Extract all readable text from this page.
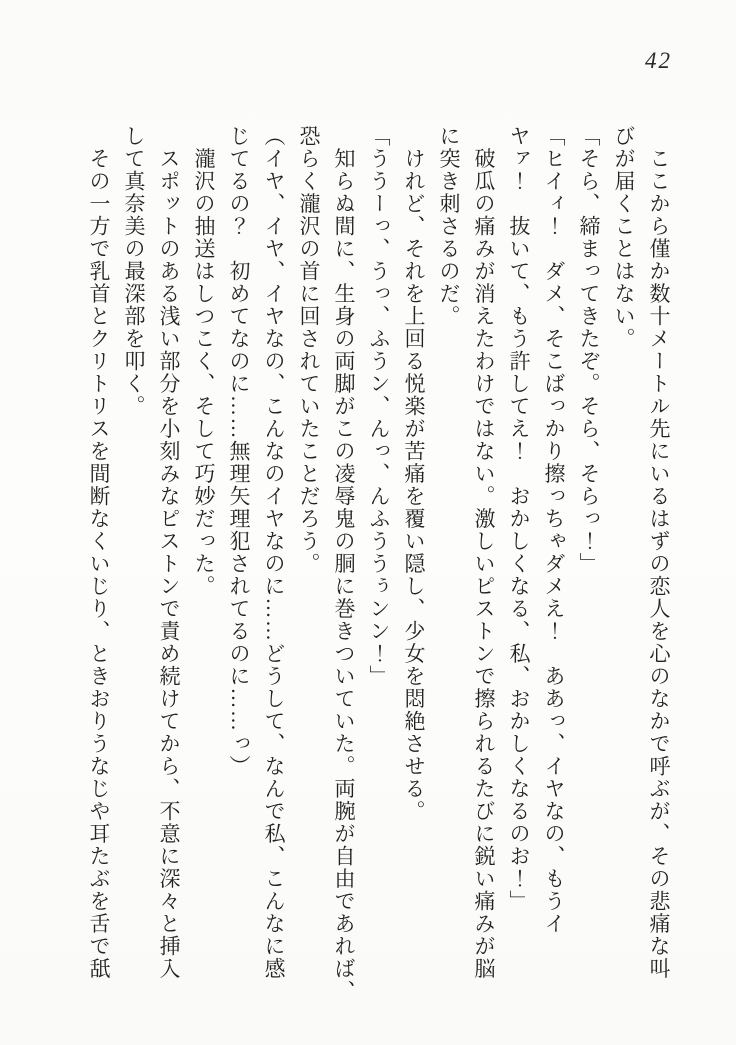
42
　ここから僅か数十メートル先にいるはずの恋人を心のなかで呼ぶが、その悲痛な叫
びが届くことはない。
「そら、締まってきたぞ。そら、そらっ！」
「ヒイィ！　ダメ、そこばっかり擦っちゃダメえ！　ああっ、イヤなの、もうイ
ヤァ！　抜いて、もう許してえ！　おかしくなる、私、おかしくなるのお！」
　破瓜の痛みが消えたわけではない。激しいピストンで擦られるたびに鋭い痛みが脳
に突き刺さるのだ。
　けれど、それを上回る悦楽が苦痛を覆い隠し、少女を悶絶させる。
「ううーっ、うっ、ふうン、んっ、んふううぅンン！」
　知らぬ間に、生身の両脚がこの凌辱鬼の胴に巻きついていた。両腕が自由であれば、
恐らく瀧沢の首に回されていたことだろう。
（イヤ、イヤ、イヤなの、こんなのイヤなのに……どうして、なんで私、こんなに感
じてるの？　初めてなのに……無理矢理犯されてるのに……っ）
　瀧沢の抽送はしつこく、そして巧妙だった。
　スポットのある浅い部分を小刻みなピストンで責め続けてから、不意に深々と挿入
して真奈美の最深部を叩く。
　その一方で乳首とクリトリスを間断なくいじり、ときおりうなじや耳たぶを舌で舐
